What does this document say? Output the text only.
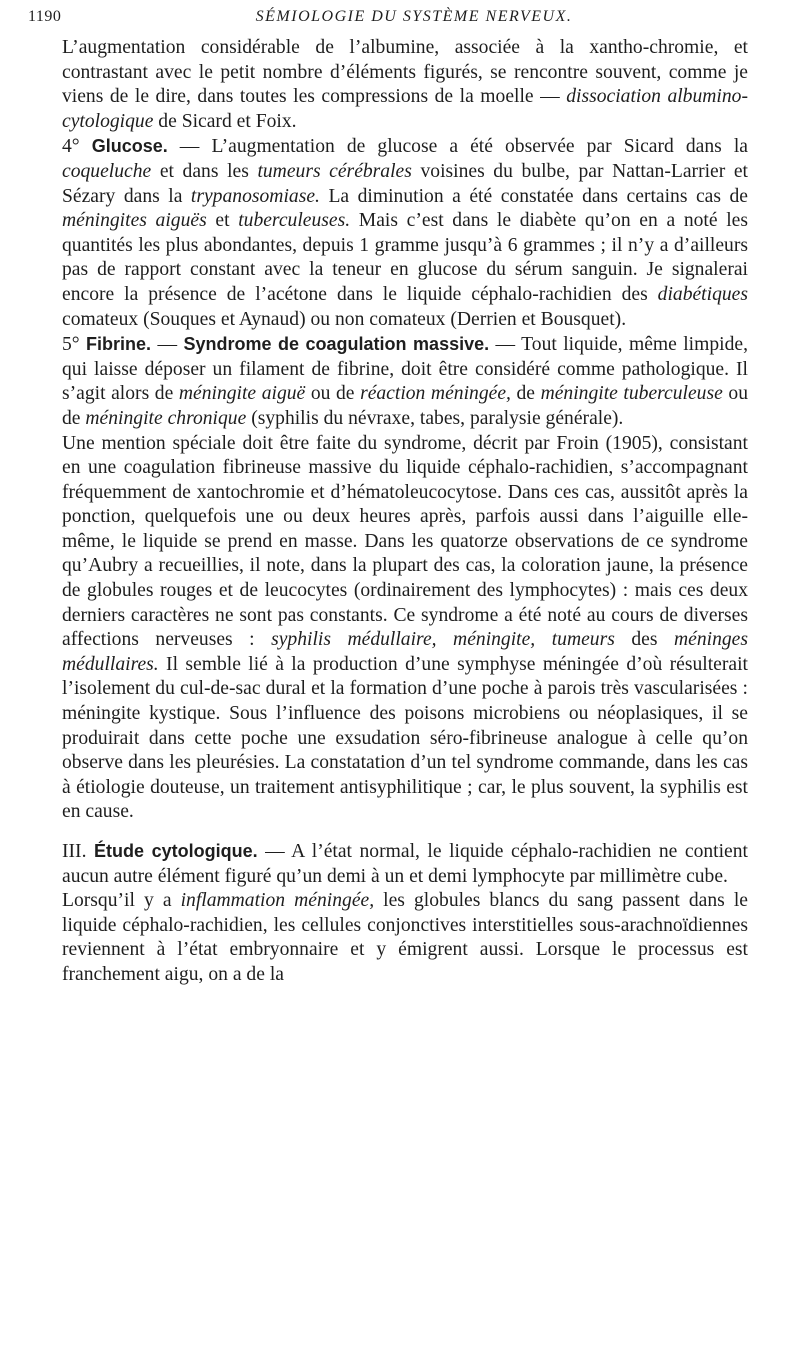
1190	SÉMIOLOGIE DU SYSTÈME NERVEUX.

L’augmentation considérable de l’albumine, associée à la xantho-chromie, et contrastant avec le petit nombre d’éléments figurés, se rencontre souvent, comme je viens de le dire, dans toutes les compressions de la moelle — dissociation albumino-cytologique de Sicard et Foix.

4° Glucose. — L’augmentation de glucose a été observée par Sicard dans la coqueluche et dans les tumeurs cérébrales voisines du bulbe, par Nattan-Larrier et Sézary dans la trypanosomiase. La diminution a été constatée dans certains cas de méningites aiguës et tuberculeuses. Mais c’est dans le diabète qu’on en a noté les quantités les plus abondantes, depuis 1 gramme jusqu’à 6 grammes ; il n’y a d’ailleurs pas de rapport constant avec la teneur en glucose du sérum sanguin. Je signalerai encore la présence de l’acétone dans le liquide céphalo-rachidien des diabétiques comateux (Souques et Aynaud) ou non comateux (Derrien et Bousquet).

5° Fibrine. — Syndrome de coagulation massive. — Tout liquide, même limpide, qui laisse déposer un filament de fibrine, doit être considéré comme pathologique. Il s’agit alors de méningite aiguë ou de réaction méningée, de méningite tuberculeuse ou de méningite chronique (syphilis du névraxe, tabes, paralysie générale).

Une mention spéciale doit être faite du syndrome, décrit par Froin (1905), consistant en une coagulation fibrineuse massive du liquide céphalo-rachidien, s’accompagnant fréquemment de xantochromie et d’hématoleucocytose. Dans ces cas, aussitôt après la ponction, quelquefois une ou deux heures après, parfois aussi dans l’aiguille elle-même, le liquide se prend en masse. Dans les quatorze observations de ce syndrome qu’Aubry a recueillies, il note, dans la plupart des cas, la coloration jaune, la présence de globules rouges et de leucocytes (ordinairement des lymphocytes) : mais ces deux derniers caractères ne sont pas constants. Ce syndrome a été noté au cours de diverses affections nerveuses : syphilis médullaire, méningite, tumeurs des méninges médullaires. Il semble lié à la production d’une symphyse méningée d’où résulterait l’isolement du cul-de-sac dural et la formation d’une poche à parois très vascularisées : méningite kystique. Sous l’influence des poisons microbiens ou néoplasiques, il se produirait dans cette poche une exsudation séro-fibrineuse analogue à celle qu’on observe dans les pleurésies. La constatation d’un tel syndrome commande, dans les cas à étiologie douteuse, un traitement antisyphilitique ; car, le plus souvent, la syphilis est en cause.

III. Étude cytologique. — A l’état normal, le liquide céphalo-rachidien ne contient aucun autre élément figuré qu’un demi à un et demi lymphocyte par millimètre cube.

Lorsqu’il y a inflammation méningée, les globules blancs du sang passent dans le liquide céphalo-rachidien, les cellules conjonctives interstitielles sous-arachnoïdiennes reviennent à l’état embryonnaire et y émigrent aussi. Lorsque le processus est franchement aigu, on a de la
